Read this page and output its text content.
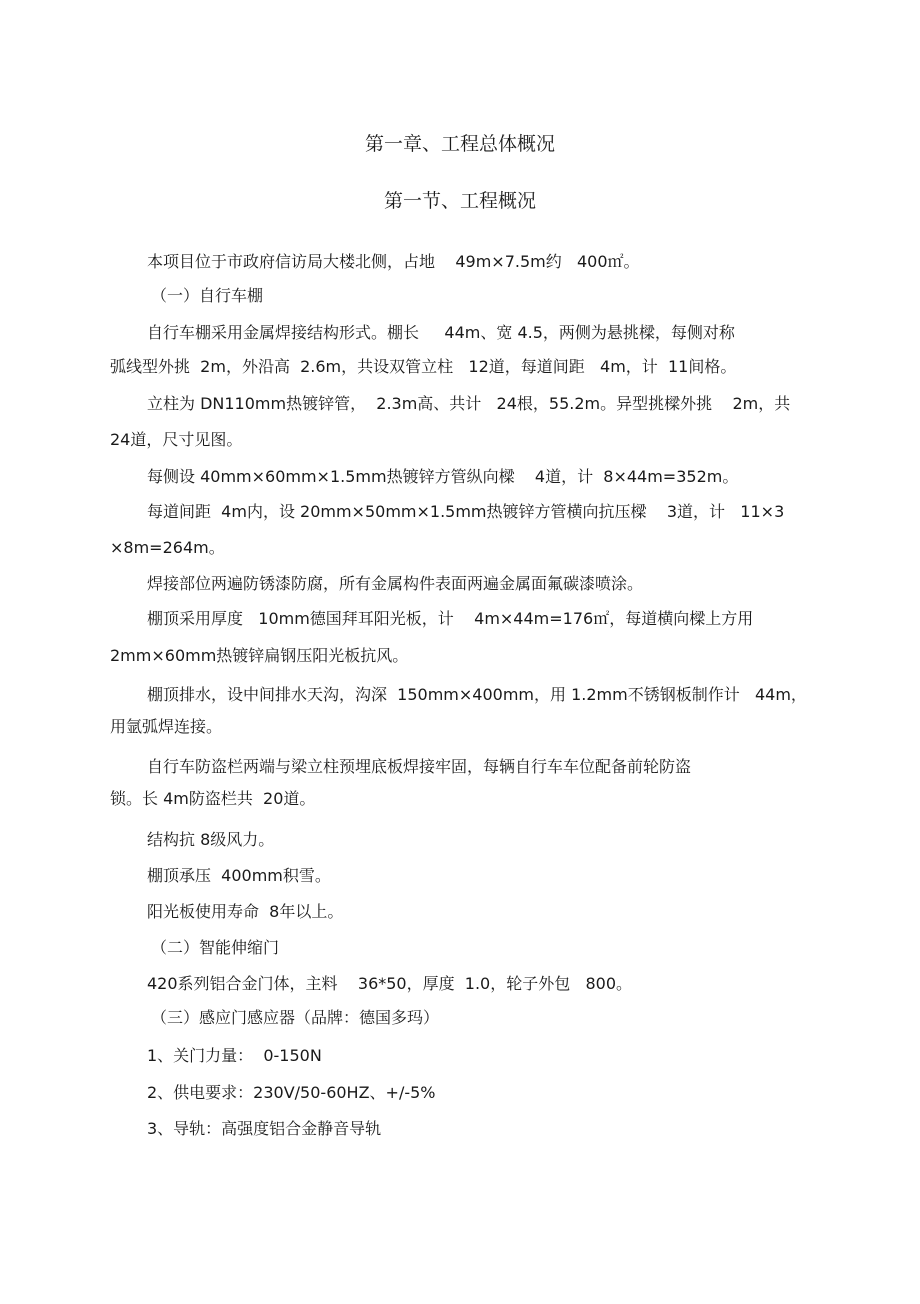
第一章、工程总体概况
第一节、工程概况
本项目位于市政府信访局大楼北侧，占地    49m×7.5m约   400㎡。
（一）自行车棚
自行车棚采用金属焊接结构形式。棚长     44m、宽 4.5，两侧为悬挑樑，每侧对称
弧线型外挑  2m，外沿高  2.6m，共设双管立柱   12道，每道间距   4m，计  11间格。
立柱为 DN110mm热镀锌管，  2.3m高、共计   24根，55.2m。异型挑樑外挑    2m，共
24道，尺寸见图。
每侧设 40mm×60mm×1.5mm热镀锌方管纵向樑    4道，计  8×44m=352m。
每道间距  4m内，设 20mm×50mm×1.5mm热镀锌方管横向抗压樑    3道，计   11×3
×8m=264m。
焊接部位两遍防锈漆防腐，所有金属构件表面两遍金属面氟碳漆喷涂。
棚顶采用厚度   10mm德国拜耳阳光板，计    4m×44m=176㎡，每道横向樑上方用
2mm×60mm热镀锌扁钢压阳光板抗风。
棚顶排水，设中间排水天沟，沟深  150mm×400mm，用 1.2mm不锈钢板制作计   44m，
用氩弧焊连接。
自行车防盗栏两端与梁立柱预埋底板焊接牢固，每辆自行车车位配备前轮防盗
锁。长 4m防盗栏共  20道。
结构抗 8级风力。
棚顶承压  400mm积雪。
阳光板使用寿命  8年以上。
（二）智能伸缩门
420系列铝合金门体，主料    36*50，厚度  1.0，轮子外包   800。
（三）感应门感应器（品牌：德国多玛）
1、关门力量：  0-150N
2、供电要求：230V/50-60HZ、+/-5%
3、导轨：高强度铝合金静音导轨
